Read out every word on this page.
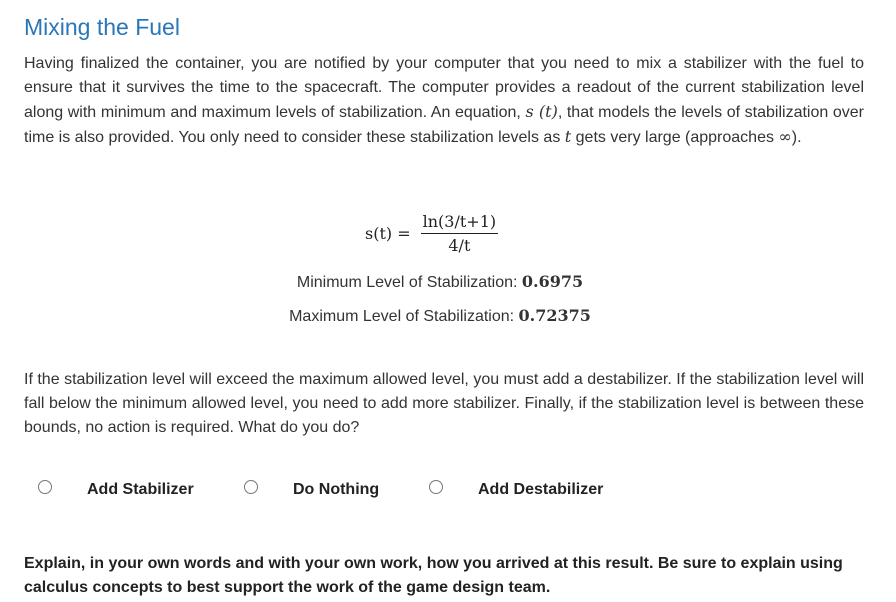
Mixing the Fuel

Having finalized the container, you are notified by your computer that you need to mix a stabilizer with the fuel to ensure that it survives the time to the spacecraft. The computer provides a readout of the current stabilization level along with minimum and maximum levels of stabilization. An equation, s (t), that models the levels of stabilization over time is also provided. You only need to consider these stabilization levels as t gets very large (approaches ∞).

$s(t) = \frac{\ln(3/t+1)}{4/t}$
Minimum Level of Stabilization: 0.6975
Maximum Level of Stabilization: 0.72375

If the stabilization level will exceed the maximum allowed level, you must add a destabilizer. If the stabilization level will fall below the minimum allowed level, you need to add more stabilizer. Finally, if the stabilization level is between these bounds, no action is required. What do you do?

Add Stabilizer	Do Nothing	Add Destabilizer

Explain, in your own words and with your own work, how you arrived at this result. Be sure to explain using calculus concepts to best support the work of the game design team.
